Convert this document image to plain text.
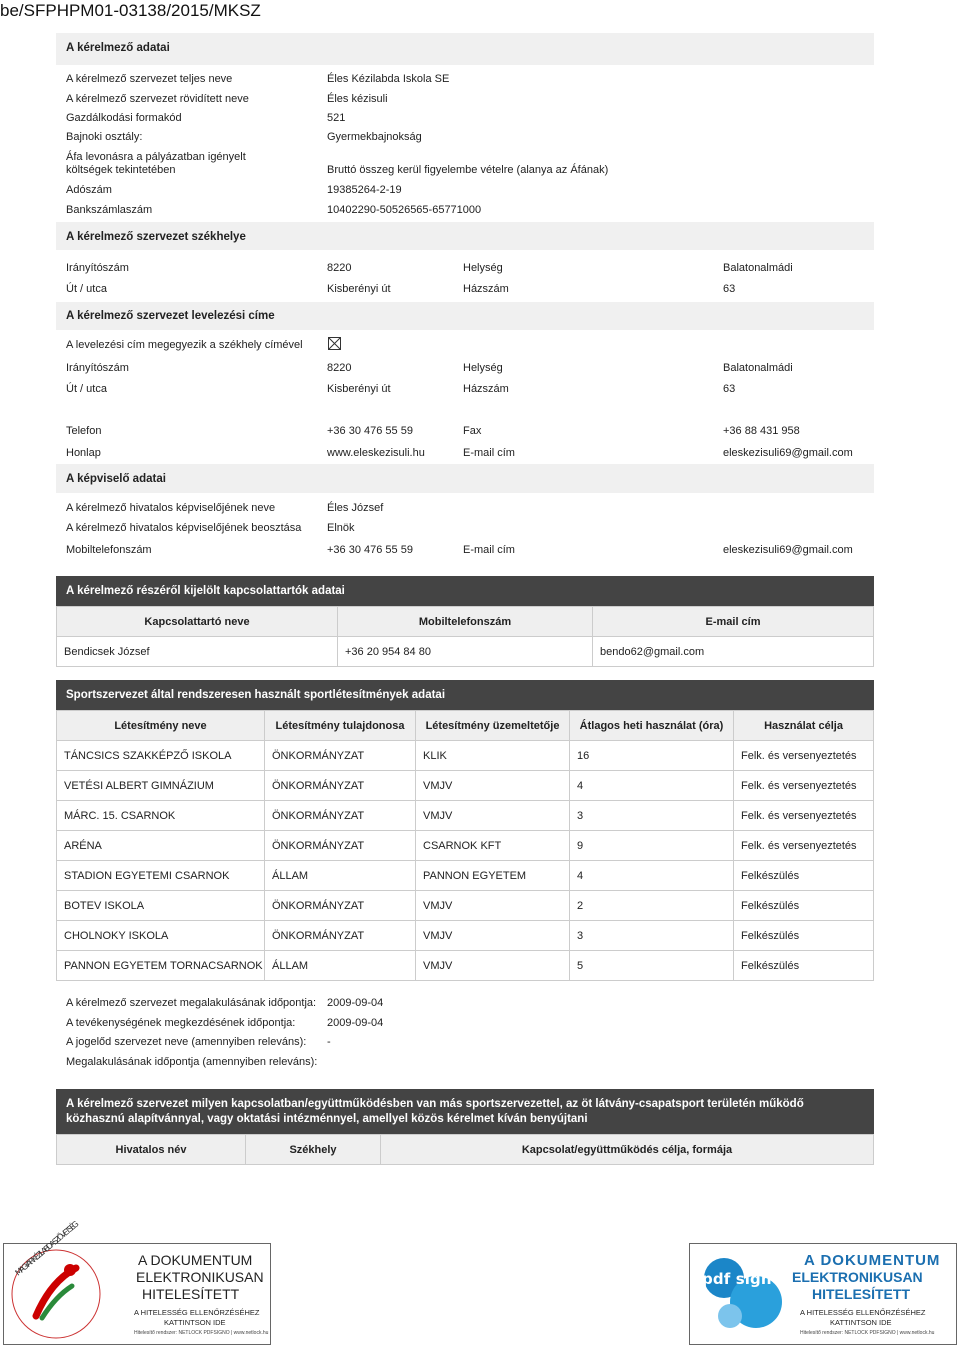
be/SFPHPM01-03138/2015/MKSZ
A kérelmező adatai
A kérelmező szervezet teljes neve	Éles Kézilabda Iskola SE
A kérelmező szervezet rövidített neve	Éles kézisuli
Gazdálkodási formakód	521
Bajnoki osztály:	Gyermekbajnokság
Áfa levonásra a pályázatban igényelt
költségek tekintetében	Bruttó összeg kerül figyelembe vételre (alanya az Áfának)
Adószám	19385264-2-19
Bankszámlaszám	10402290-50526565-65771000
A kérelmező szervezet székhelye
Irányítószám	8220	Helység	Balatonalmádi
Út / utca	Kisberényi út	Házszám	63
A kérelmező szervezet levelezési címe
A levelezési cím megegyezik a székhely címével
Irányítószám	8220	Helység	Balatonalmádi
Út / utca	Kisberényi út	Házszám	63
Telefon	+36 30 476 55 59	Fax	+36 88 431 958
Honlap	www.eleskezisuli.hu	E-mail cím	eleskezisuli69@gmail.com
A képviselő adatai
A kérelmező hivatalos képviselőjének neve	Éles József
A kérelmező hivatalos képviselőjének beosztása Elnök
Mobiltelefonszám	+36 30 476 55 59	E-mail cím	eleskezisuli69@gmail.com
A kérelmező részéről kijelölt kapcsolattartók adatai
Kapcsolattartó neve	Mobiltelefonszám	E-mail cím
Bendicsek József	+36 20 954 84 80	bendo62@gmail.com
Sportszervezet által rendszeresen használt sportlétesítmények adatai
Létesítmény neve	Létesítmény tulajdonosa	Létesítmény üzemeltetője	Átlagos heti használat (óra)	Használat célja
TÁNCSICS SZAKKÉPZŐ ISKOLA	ÖNKORMÁNYZAT	KLIK	16	Felk. és versenyeztetés
VETÉSI ALBERT GIMNÁZIUM	ÖNKORMÁNYZAT	VMJV	4	Felk. és versenyeztetés
MÁRC. 15. CSARNOK	ÖNKORMÁNYZAT	VMJV	3	Felk. és versenyeztetés
ARÉNA	ÖNKORMÁNYZAT	CSARNOK KFT	9	Felk. és versenyeztetés
STADION EGYETEMI CSARNOK	ÁLLAM	PANNON EGYETEM	4	Felkészülés
BOTEV ISKOLA	ÖNKORMÁNYZAT	VMJV	2	Felkészülés
CHOLNOKY ISKOLA	ÖNKORMÁNYZAT	VMJV	3	Felkészülés
PANNON EGYETEM TORNACSARNOK	ÁLLAM	VMJV	5	Felkészülés
A kérelmező szervezet megalakulásának időpontja: 2009-09-04
A tevékenységének megkezdésének időpontja:	2009-09-04
A jogelőd szervezet neve (amennyiben releváns): -
Megalakulásának időpontja (amennyiben releváns):
A kérelmező szervezet milyen kapcsolatban/együttműködésben van más sportszervezettel, az öt látvány-csapatsport területén működő
közhasznú alapítvánnyal, vagy oktatási intézménnyel, amellyel közös kérelmet kíván benyújtani
Hivatalos név	Székhely	Kapcsolat/együttműködés célja, formája
MAGYAR KÉZILABDA SZÖVETSÉG
A DOKUMENTUM
ELEKTRONIKUSAN
HITELESÍTETT
A HITELESSÉG ELLENŐRZÉSÉHEZ
KATTINTSON IDE
Hitelesítő rendszer: NETLOCK PDFSIGNO | www.netlock.hu
pdf signo
A DOKUMENTUM
ELEKTRONIKUSAN
HITELESÍTETT
A HITELESSÉG ELLENŐRZÉSÉHEZ
KATTINTSON IDE
Hitelesítő rendszer: NETLOCK PDFSIGNO | www.netlock.hu
